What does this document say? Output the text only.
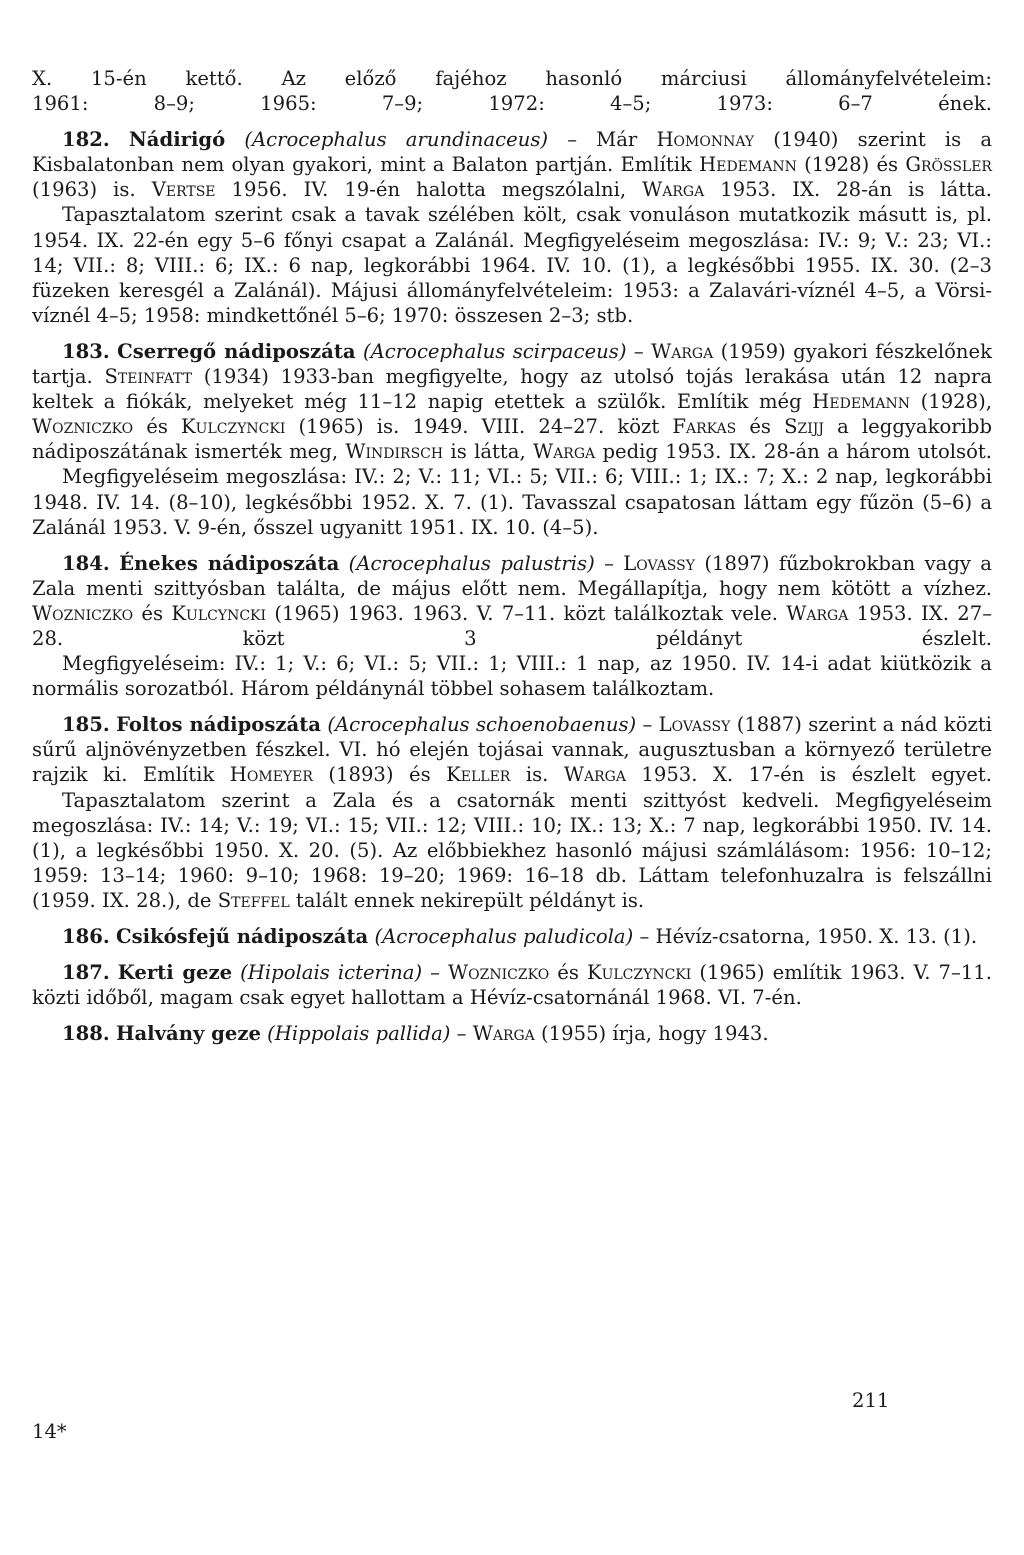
X. 15-én kettő. Az előző fajéhoz hasonló márciusi állományfelvételeim:
1961: 8–9; 1965: 7–9; 1972: 4–5; 1973: 6–7 ének.
182. Nádirigó (Acrocephalus arundinaceus) – Már Homonnay (1940) szerint is a Kisbalatonban nem olyan gyakori, mint a Balaton partján. Említik Hedemann (1928) és Grössler (1963) is. Vertse 1956. IV. 19-én halotta megszólalni, Warga 1953. IX. 28-án is látta.
Tapasztalatom szerint csak a tavak szélében költ, csak vonuláson mutatkozik másutt is, pl. 1954. IX. 22-én egy 5–6 főnyi csapat a Zalánál. Megfigyeléseim megoszlása: IV.: 9; V.: 23; VI.: 14; VII.: 8; VIII.: 6; IX.: 6 nap, legkorábbi 1964. IV. 10. (1), a legkésőbbi 1955. IX. 30. (2–3 füzeken keresgél a Zalánál). Májusi állományfelvételeim: 1953: a Zalavári-víznél 4–5, a Vörsi-víznél 4–5; 1958: mindkettőnél 5–6; 1970: összesen 2–3; stb.
183. Cserregő nádiposzáta (Acrocephalus scirpaceus) – Warga (1959) gyakori fészkelőnek tartja. Steinfatt (1934) 1933-ban megfigyelte, hogy az utolsó tojás lerakása után 12 napra keltek a fiókák, melyeket még 11–12 napig etettek a szülők. Említik még Hedemann (1928), Wozniczko és Kulczyncki (1965) is. 1949. VIII. 24–27. közt Farkas és Szijj a leggyakoribb nádiposzátának ismerték meg, Windirsch is látta, Warga pedig 1953. IX. 28-án a három utolsót.
Megfigyeléseim megoszlása: IV.: 2; V.: 11; VI.: 5; VII.: 6; VIII.: 1; IX.: 7; X.: 2 nap, legkorábbi 1948. IV. 14. (8–10), legkésőbbi 1952. X. 7. (1). Tavasszal csapatosan láttam egy fűzön (5–6) a Zalánál 1953. V. 9-én, ősszel ugyanitt 1951. IX. 10. (4–5).
184. Énekes nádiposzáta (Acrocephalus palustris) – Lovassy (1897) fűzbokrokban vagy a Zala menti szittyósban találta, de május előtt nem. Megállapítja, hogy nem kötött a vízhez. Wozniczko és Kulcyncki (1965) 1963. 1963. V. 7–11. közt találkoztak vele. Warga 1953. IX. 27–28. közt 3 példányt észlelt.
Megfigyeléseim: IV.: 1; V.: 6; VI.: 5; VII.: 1; VIII.: 1 nap, az 1950. IV. 14-i adat kiütközik a normális sorozatból. Három példánynál többel sohasem találkoztam.
185. Foltos nádiposzáta (Acrocephalus schoenobaenus) – Lovassy (1887) szerint a nád közti sűrű aljnövényzetben fészkel. VI. hó elején tojásai vannak, augusztusban a környező területre rajzik ki. Említik Homeyer (1893) és Keller is. Warga 1953. X. 17-én is észlelt egyet.
Tapasztalatom szerint a Zala és a csatornák menti szittyóst kedveli. Megfigyeléseim megoszlása: IV.: 14; V.: 19; VI.: 15; VII.: 12; VIII.: 10; IX.: 13; X.: 7 nap, legkorábbi 1950. IV. 14. (1), a legkésőbbi 1950. X. 20. (5). Az előbbiekhez hasonló májusi számlálásom: 1956: 10–12; 1959: 13–14; 1960: 9–10; 1968: 19–20; 1969: 16–18 db. Láttam telefonhuzalra is felszállni (1959. IX. 28.), de Steffel talált ennek nekirepült példányt is.
186. Csikósfejű nádiposzáta (Acrocephalus paludicola) – Hévíz-csatorna, 1950. X. 13. (1).
187. Kerti geze (Hipolais icterina) – Wozniczko és Kulczyncki (1965) említik 1963. V. 7–11. közti időből, magam csak egyet hallottam a Hévíz-csatornánál 1968. VI. 7-én.
188. Halvány geze (Hippolais pallida) – Warga (1955) írja, hogy 1943.
211
14*
